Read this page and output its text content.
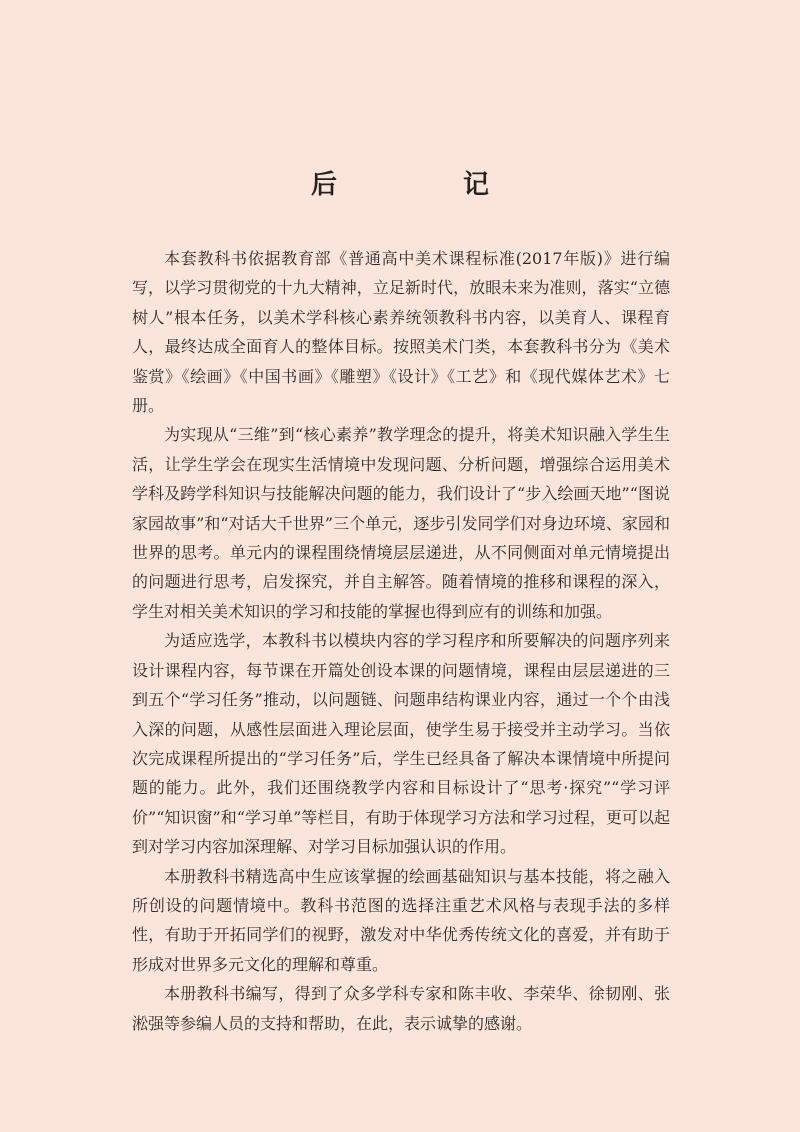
后　记

本套教科书依据教育部《普通高中美术课程标准(2017年版)》进行编写，以学习贯彻党的十九大精神，立足新时代，放眼未来为准则，落实“立德树人”根本任务，以美术学科核心素养统领教科书内容，以美育人、课程育人，最终达成全面育人的整体目标。按照美术门类，本套教科书分为《美术鉴赏》《绘画》《中国书画》《雕塑》《设计》《工艺》和《现代媒体艺术》七册。

为实现从“三维”到“核心素养”教学理念的提升，将美术知识融入学生生活，让学生学会在现实生活情境中发现问题、分析问题，增强综合运用美术学科及跨学科知识与技能解决问题的能力，我们设计了“步入绘画天地”“图说家园故事”和“对话大千世界”三个单元，逐步引发同学们对身边环境、家园和世界的思考。单元内的课程围绕情境层层递进，从不同侧面对单元情境提出的问题进行思考，启发探究，并自主解答。随着情境的推移和课程的深入，学生对相关美术知识的学习和技能的掌握也得到应有的训练和加强。

为适应选学，本教科书以模块内容的学习程序和所要解决的问题序列来设计课程内容，每节课在开篇处创设本课的问题情境，课程由层层递进的三到五个“学习任务”推动，以问题链、问题串结构课业内容，通过一个个由浅入深的问题，从感性层面进入理论层面，使学生易于接受并主动学习。当依次完成课程所提出的“学习任务”后，学生已经具备了解决本课情境中所提问题的能力。此外，我们还围绕教学内容和目标设计了“思考·探究”“学习评价”“知识窗”和“学习单”等栏目，有助于体现学习方法和学习过程，更可以起到对学习内容加深理解、对学习目标加强认识的作用。

本册教科书精选高中生应该掌握的绘画基础知识与基本技能，将之融入所创设的问题情境中。教科书范图的选择注重艺术风格与表现手法的多样性，有助于开拓同学们的视野，激发对中华优秀传统文化的喜爱，并有助于形成对世界多元文化的理解和尊重。

本册教科书编写，得到了众多学科专家和陈丰收、李荣华、徐韧刚、张淞强等参编人员的支持和帮助，在此，表示诚挚的感谢。
